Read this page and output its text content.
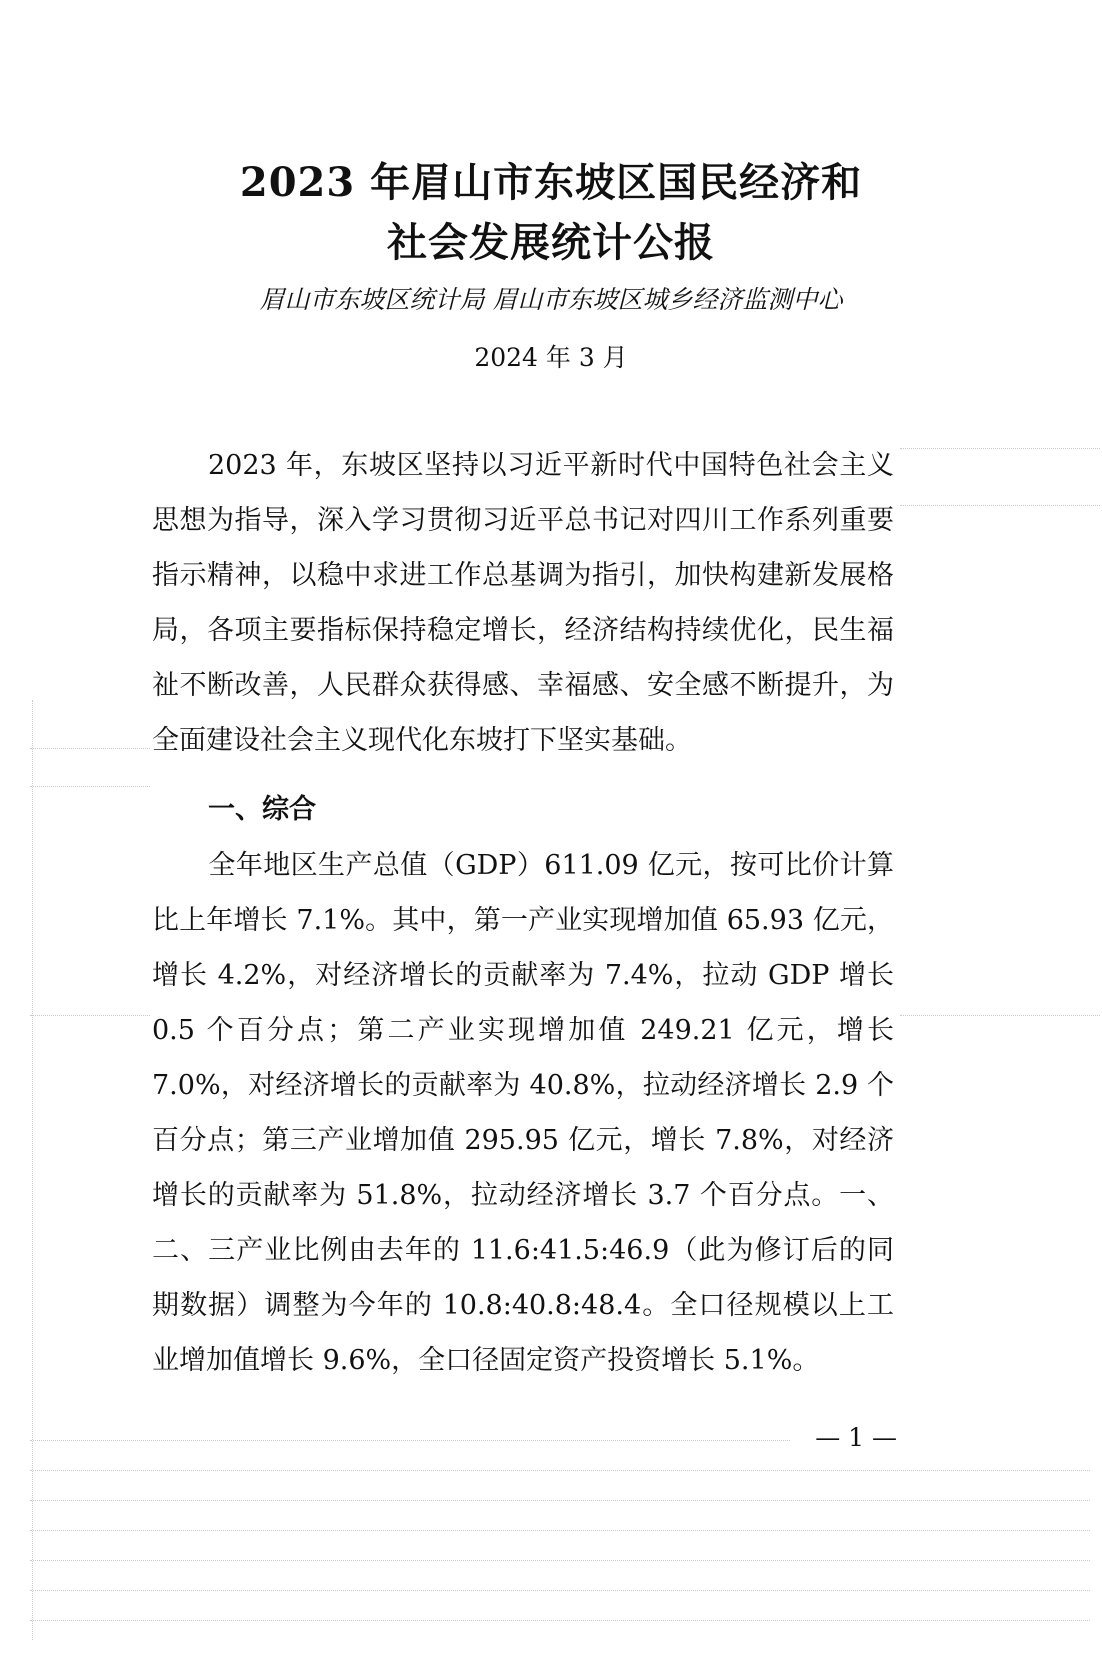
2023 年眉山市东坡区国民经济和
社会发展统计公报
眉山市东坡区统计局 眉山市东坡区城乡经济监测中心
2024 年 3 月
2023 年，东坡区坚持以习近平新时代中国特色社会主义思想为指导，深入学习贯彻习近平总书记对四川工作系列重要指示精神，以稳中求进工作总基调为指引，加快构建新发展格局，各项主要指标保持稳定增长，经济结构持续优化，民生福祉不断改善，人民群众获得感、幸福感、安全感不断提升，为全面建设社会主义现代化东坡打下坚实基础。
一、综合
全年地区生产总值（GDP）611.09 亿元，按可比价计算比上年增长 7.1%。其中，第一产业实现增加值 65.93 亿元，增长 4.2%，对经济增长的贡献率为 7.4%，拉动 GDP 增长 0.5 个百分点；第二产业实现增加值 249.21 亿元，增长 7.0%，对经济增长的贡献率为 40.8%，拉动经济增长 2.9 个百分点；第三产业增加值 295.95 亿元，增长 7.8%，对经济增长的贡献率为 51.8%，拉动经济增长 3.7 个百分点。一、二、三产业比例由去年的 11.6:41.5:46.9（此为修订后的同期数据）调整为今年的 10.8:40.8:48.4。全口径规模以上工业增加值增长 9.6%，全口径固定资产投资增长 5.1%。
— 1 —
